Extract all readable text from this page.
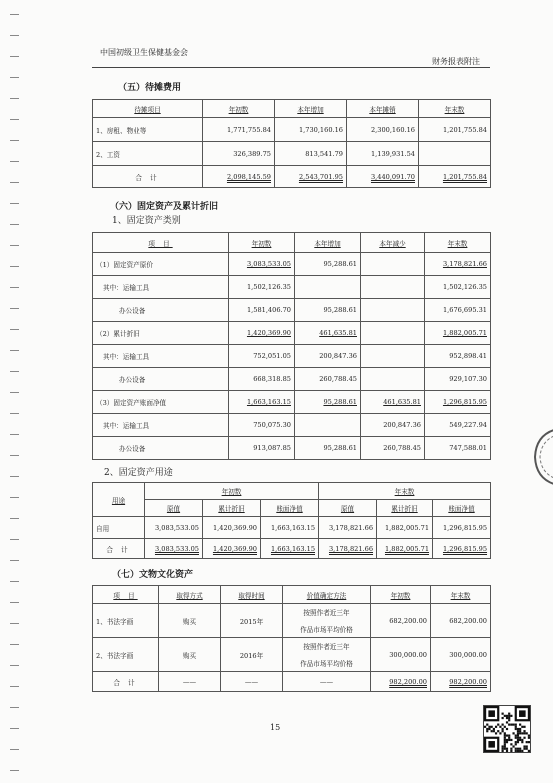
中国初级卫生保健基金会
财务报表附注
（五）待摊费用
待摊项目	年初数	本年增加	本年摊销	年末数
1、房租、物业等	1,771,755.84	1,730,160.16	2,300,160.16	1,201,755.84
2、工资	326,389.75	813,541.79	1,139,931.54	
合 计	2,098,145.59	2,543,701.95	3,440,091.70	1,201,755.84
（六）固定资产及累计折旧
1、固定资产类别
项 目	年初数	本年增加	本年减少	年末数
（1）固定资产原价	3,083,533.05	95,288.61		3,178,821.66
其中：运输工具	1,502,126.35			1,502,126.35
办公设备	1,581,406.70	95,288.61		1,676,695.31
（2）累计折旧	1,420,369.90	461,635.81		1,882,005.71
其中：运输工具	752,051.05	200,847.36		952,898.41
办公设备	668,318.85	260,788.45		929,107.30
（3）固定资产账面净值	1,663,163.15	95,288.61	461,635.81	1,296,815.95
其中：运输工具	750,075.30		200,847.36	549,227.94
办公设备	913,087.85	95,288.61	260,788.45	747,588.01
2、固定资产用途
用途	年初数			年末数		
	原值	累计折旧	账面净值	原值	累计折旧	账面净值
自用	3,083,533.05	1,420,369.90	1,663,163.15	3,178,821.66	1,882,005.71	1,296,815.95
合 计	3,083,533.05	1,420,369.90	1,663,163.15	3,178,821.66	1,882,005.71	1,296,815.95
（七）文物文化资产
项 目	取得方式	取得时间	价值确定方法	年初数	年末数
1、书法字画	购买	2015年	按照作者近三年	682,200.00	682,200.00
			作品市场平均价格		
2、书法字画	购买	2016年	按照作者近三年	300,000.00	300,000.00
			作品市场平均价格		
合 计	——	——	——	982,200.00	982,200.00
15
